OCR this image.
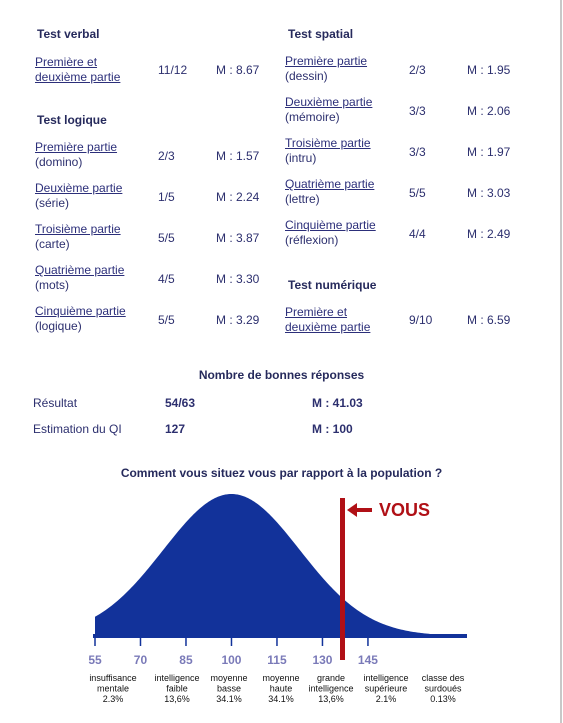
Test verbal
Première et
deuxième partie	11/12 M : 8.67
Test logique
Première partie
(domino)	2/3	M : 1.57
Deuxième partie
(série)	1/5	M : 2.24
Troisième partie
(carte)	5/5	M : 3.87
Quatrième partie
(mots)	4/5	M : 3.30
Cinquième partie
(logique)	5/5	M : 3.29
Test spatial
Première partie
(dessin)	2/3	M : 1.95
Deuxième partie
(mémoire)	3/3	M : 2.06
Troisième partie
(intru)	3/3	M : 1.97
Quatrième partie
(lettre)	5/5	M : 3.03
Cinquième partie
(réflexion)	4/4	M : 2.49
Test numérique
Première et
deuxième partie	9/10	M : 6.59
Nombre de bonnes réponses
Résultat	54/63	M : 41.03
Estimation du QI	127	M : 100
Comment vous situez vous par rapport à la population ?
VOUS
55	70	85 100 115 130 145
insuffisance mentale 2.3%
intelligence faible 13,6%
moyenne basse 34.1%
moyenne haute 34.1%
grande intelligence 13,6%
intelligence supérieure 2.1%
classe des surdoués 0.13%
